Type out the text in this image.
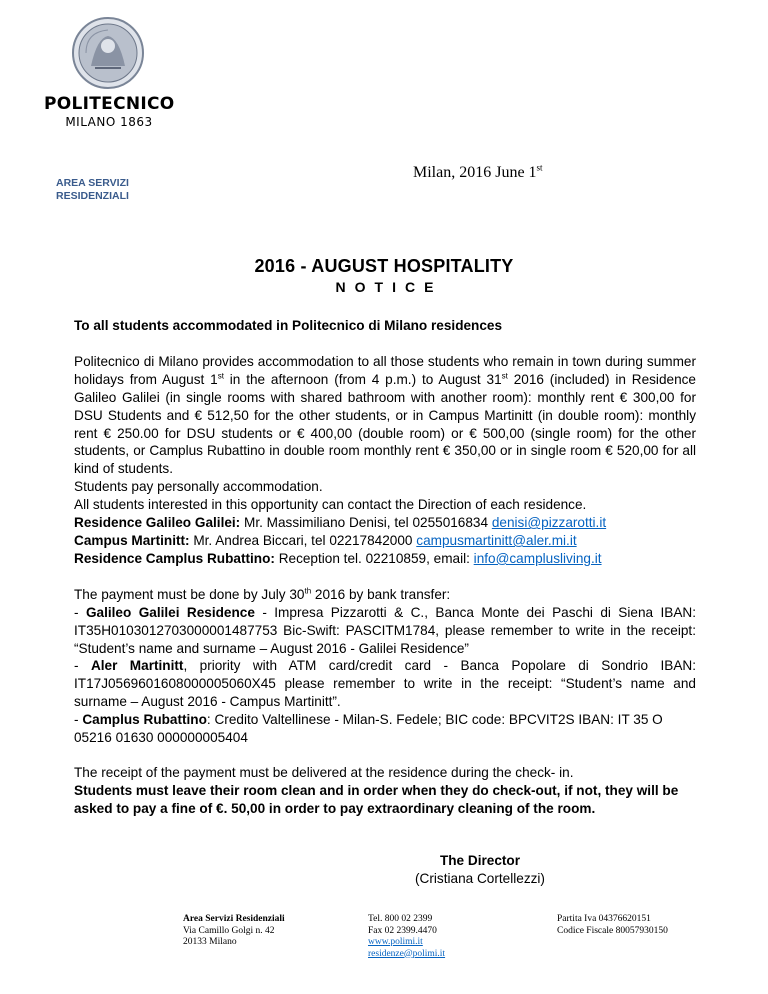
POLITECNICO
MILANO 1863
AREA SERVIZI
RESIDENZIALI
Milan, 2016 June 1st
2016 - AUGUST HOSPITALITY
NOTICE

To all students accommodated in Politecnico di Milano residences

Politecnico di Milano provides accommodation to all those students who remain in town during summer holidays from August 1st in the afternoon (from 4 p.m.) to August 31st 2016 (included) in Residence Galileo Galilei (in single rooms with shared bathroom with another room): monthly rent € 300,00 for DSU Students and € 512,50 for the other students, or in Campus Martinitt (in double room): monthly rent € 250.00 for DSU students or € 400,00 (double room) or € 500,00 (single room) for the other students, or Camplus Rubattino in double room monthly rent € 350,00 or in single room € 520,00 for all kind of students.

Students pay personally accommodation.

All students interested in this opportunity can contact the Direction of each residence.

Residence Galileo Galilei: Mr. Massimiliano Denisi, tel 0255016834 denisi@pizzarotti.it

Campus Martinitt: Mr. Andrea Biccari, tel 02217842000 campusmartinitt@aler.mi.it

Residence Camplus Rubattino: Reception tel. 02210859, email: info@camplusliving.it

The payment must be done by July 30th 2016 by bank transfer:

- Galileo Galilei Residence - Impresa Pizzarotti & C., Banca Monte dei Paschi di Siena IBAN: IT35H0103012703000001487753 Bic-Swift: PASCITM1784, please remember to write in the receipt: “Student’s name and surname – August 2016 - Galilei Residence”

- Aler Martinitt, priority with ATM card/credit card - Banca Popolare di Sondrio IBAN: IT17J0569601608000005060X45 please remember to write in the receipt: “Student’s name and surname – August 2016 - Campus Martinitt”.

- Camplus Rubattino: Credito Valtellinese - Milan-S. Fedele; BIC code: BPCVIT2S IBAN: IT 35 O 05216 01630 000000005404

The receipt of the payment must be delivered at the residence during the check- in.

Students must leave their room clean and in order when they do check-out, if not, they will be asked to pay a fine of €. 50,00 in order to pay extraordinary cleaning of the room.

The Director
(Cristiana Cortellezzi)
Area Servizi Residenziali
Via Camillo Golgi n. 42
20133 Milano
Tel. 800 02 2399
Fax 02 2399.4470
www.polimi.it
residenze@polimi.it
Partita Iva 04376620151
Codice Fiscale 80057930150
